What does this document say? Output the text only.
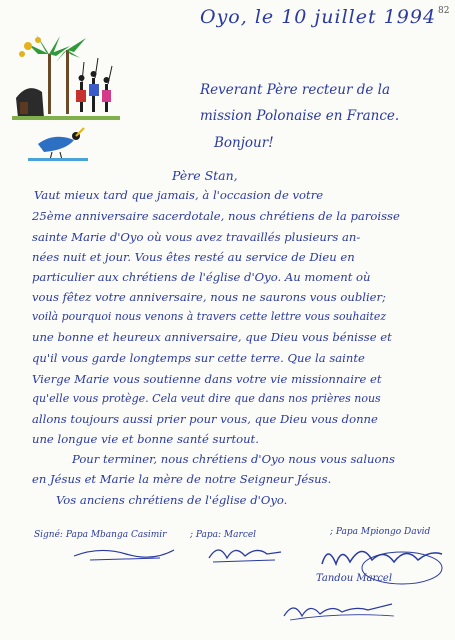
Oyo, le 10 juillet 1994 82
Reverant Père recteur de la
mission Polonaise en France.
Bonjour!
Père Stan,
Vaut mieux tard que jamais, à l'occasion de votre
25ème anniversaire sacerdotale, nous chrétiens de la paroisse
sainte Marie d'Oyo où vous avez travaillés plusieurs an-
nées nuit et jour. Vous êtes resté au service de Dieu en
particulier aux chrétiens de l'église d'Oyo. Au moment où
vous fêtez votre anniversaire, nous ne saurons vous oublier;
voilà pourquoi nous venons à travers cette lettre vous souhaitez
une bonne et heureux anniversaire, que Dieu vous bénisse et
qu'il vous garde longtemps sur cette terre. Que la sainte
Vierge Marie vous soutienne dans votre vie missionnaire et
qu'elle vous protège. Cela veut dire que dans nos prières nous
allons toujours aussi prier pour vous, que Dieu vous donne
une longue vie et bonne santé surtout.
Pour terminer, nous chrétiens d'Oyo nous vous saluons
en Jésus et Marie la mère de notre Seigneur Jésus.
Vos anciens chrétiens de l'église d'Oyo.
Signé: Papa Mbanga Casimir	; Papa: Marcel	; Papa Mpiongo David
Tandou Marcel
